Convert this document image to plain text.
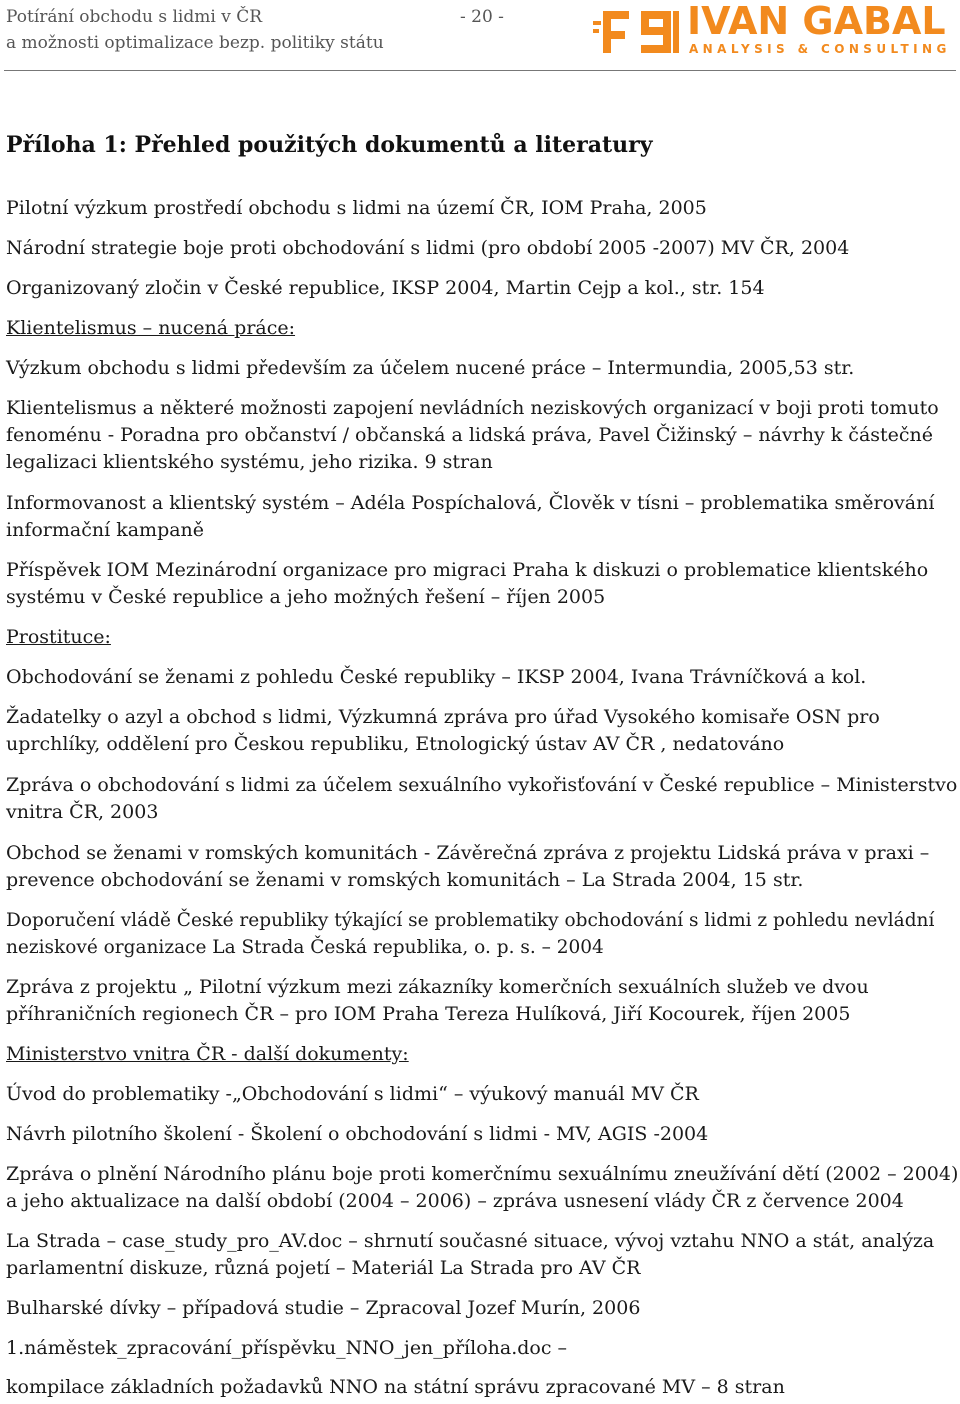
Potírání obchodu s lidmi v ČR
a možnosti optimalizace bezp. politiky státu
- 20 -	IVAN GABAL
ANALYSIS & CONSULTING
Příloha 1: Přehled použitých dokumentů a literatury

Pilotní výzkum prostředí obchodu s lidmi na území ČR, IOM Praha, 2005

Národní strategie boje proti obchodování s lidmi (pro období 2005 -2007) MV ČR, 2004

Organizovaný zločin v České republice, IKSP 2004, Martin Cejp a kol., str. 154

Klientelismus – nucená práce:

Výzkum obchodu s lidmi především za účelem nucené práce – Intermundia, 2005,53 str.

Klientelismus a některé možnosti zapojení nevládních neziskových organizací v boji proti tomuto
fenoménu - Poradna pro občanství / občanská a lidská práva, Pavel Čižinský – návrhy k částečné
legalizaci klientského systému, jeho rizika. 9 stran

Informovanost a klientský systém – Adéla Pospíchalová, Člověk v tísni – problematika směrování
informační kampaně

Příspěvek IOM Mezinárodní organizace pro migraci Praha k diskuzi o problematice klientského
systému v České republice a jeho možných řešení – říjen 2005

Prostituce:

Obchodování se ženami z pohledu České republiky – IKSP 2004, Ivana Trávníčková a kol.

Žadatelky o azyl a obchod s lidmi, Výzkumná zpráva pro úřad Vysokého komisaře OSN pro
uprchlíky, oddělení pro Českou republiku, Etnologický ústav AV ČR , nedatováno

Zpráva o obchodování s lidmi za účelem sexuálního vykořisťování v České republice – Ministerstvo
vnitra ČR, 2003

Obchod se ženami v romských komunitách - Závěrečná zpráva z projektu Lidská práva v praxi –
prevence obchodování se ženami v romských komunitách – La Strada 2004, 15 str.

Doporučení vládě České republiky týkající se problematiky obchodování s lidmi z pohledu nevládní
neziskové organizace La Strada Česká republika, o. p. s. – 2004

Zpráva z projektu „ Pilotní výzkum mezi zákazníky komerčních sexuálních služeb ve dvou
příhraničních regionech ČR – pro IOM Praha Tereza Hulíková, Jiří Kocourek, říjen 2005

Ministerstvo vnitra ČR - další dokumenty:

Úvod do problematiky -„Obchodování s lidmi“ – výukový manuál MV ČR

Návrh pilotního školení - Školení o obchodování s lidmi - MV, AGIS -2004

Zpráva o plnění Národního plánu boje proti komerčnímu sexuálnímu zneužívání dětí (2002 – 2004)
a jeho aktualizace na další období (2004 – 2006) – zpráva usnesení vlády ČR z července 2004

La Strada – case_study_pro_AV.doc – shrnutí současné situace, vývoj vztahu NNO a stát, analýza
parlamentní diskuze, různá pojetí – Materiál La Strada pro AV ČR

Bulharské dívky – případová studie – Zpracoval Jozef Murín, 2006

1.náměstek_zpracování_příspěvku_NNO_jen_příloha.doc –

kompilace základních požadavků NNO na státní správu zpracované MV – 8 stran
